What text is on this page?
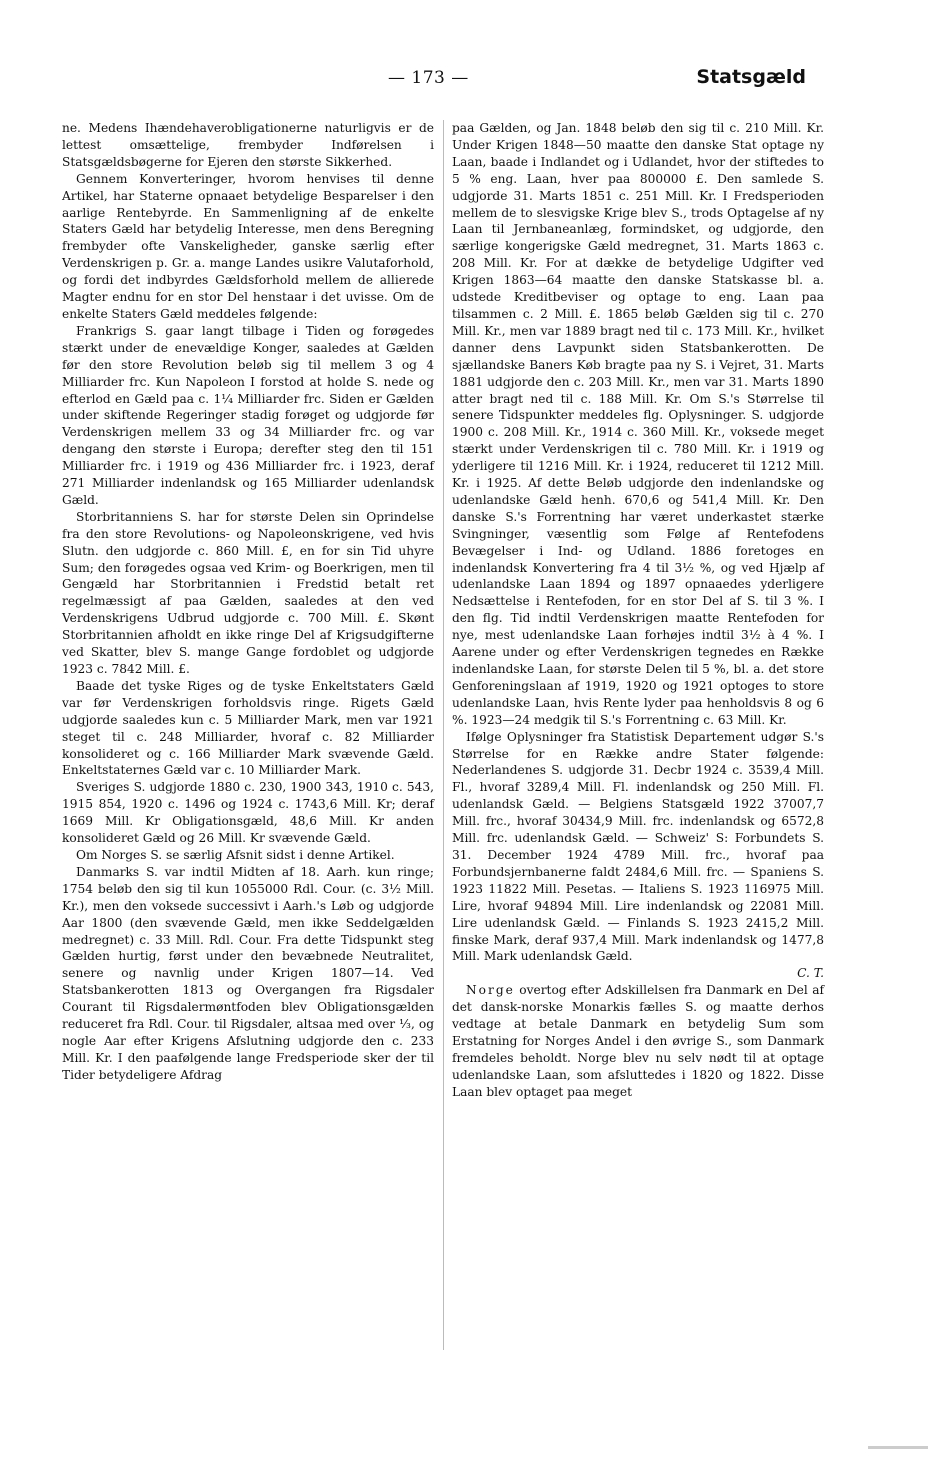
— 173 —	Statsgæld

ne. Medens Ihændehaverobligationerne naturligvis er de lettest omsættelige, frembyder Indførelsen i Statsgældsbøgerne for Ejeren den største Sikkerhed.

Gennem Konverteringer, hvorom henvises til denne Artikel, har Staterne opnaaet betydelige Besparelser i den aarlige Rentebyrde. En Sammenligning af de enkelte Staters Gæld har betydelig Interesse, men dens Beregning frembyder ofte Vanskeligheder, ganske særlig efter Verdenskrigen p. Gr. a. mange Landes usikre Valutaforhold, og fordi det indbyrdes Gældsforhold mellem de allierede Magter endnu for en stor Del henstaar i det uvisse. Om de enkelte Staters Gæld meddeles følgende:

Frankrigs S. gaar langt tilbage i Tiden og forøgedes stærkt under de enevældige Konger, saaledes at Gælden før den store Revolution beløb sig til mellem 3 og 4 Milliarder frc. Kun Napoleon I forstod at holde S. nede og efterlod en Gæld paa c. 1¼ Milliarder frc. Siden er Gælden under skiftende Regeringer stadig forøget og udgjorde før Verdenskrigen mellem 33 og 34 Milliarder frc. og var dengang den største i Europa; derefter steg den til 151 Milliarder frc. i 1919 og 436 Milliarder frc. i 1923, deraf 271 Milliarder indenlandsk og 165 Milliarder udenlandsk Gæld.

Storbritanniens S. har for største Delen sin Oprindelse fra den store Revolutions- og Napoleonskrigene, ved hvis Slutn. den udgjorde c. 860 Mill. £, en for sin Tid uhyre Sum; den forøgedes ogsaa ved Krim- og Boerkrigen, men til Gengæld har Storbritannien i Fredstid betalt ret regelmæssigt af paa Gælden, saaledes at den ved Verdenskrigens Udbrud udgjorde c. 700 Mill. £. Skønt Storbritannien afholdt en ikke ringe Del af Krigsudgifterne ved Skatter, blev S. mange Gange fordoblet og udgjorde 1923 c. 7842 Mill. £.

Baade det tyske Riges og de tyske Enkeltstaters Gæld var før Verdenskrigen forholdsvis ringe. Rigets Gæld udgjorde saaledes kun c. 5 Milliarder Mark, men var 1921 steget til c. 248 Milliarder, hvoraf c. 82 Milliarder konsolideret og c. 166 Milliarder Mark svævende Gæld. Enkeltstaternes Gæld var c. 10 Milliarder Mark.

Sveriges S. udgjorde 1880 c. 230, 1900 343, 1910 c. 543, 1915 854, 1920 c. 1496 og 1924 c. 1743,6 Mill. Kr; deraf 1669 Mill. Kr Obligationsgæld, 48,6 Mill. Kr anden konsolideret Gæld og 26 Mill. Kr svævende Gæld.

Om Norges S. se særlig Afsnit sidst i denne Artikel.

Danmarks S. var indtil Midten af 18. Aarh. kun ringe; 1754 beløb den sig til kun 1055000 Rdl. Cour. (c. 3½ Mill. Kr.), men den voksede successivt i Aarh.'s Løb og udgjorde Aar 1800 (den svævende Gæld, men ikke Seddelgælden medregnet) c. 33 Mill. Rdl. Cour. Fra dette Tidspunkt steg Gælden hurtig, først under den bevæbnede Neutralitet, senere og navnlig under Krigen 1807—14. Ved Statsbankerotten 1813 og Overgangen fra Rigsdaler Courant til Rigsdalermøntfoden blev Obligationsgælden reduceret fra Rdl. Cour. til Rigsdaler, altsaa med over ⅓, og nogle Aar efter Krigens Afslutning udgjorde den c. 233 Mill. Kr. I den paafølgende lange Fredsperiode sker der til Tider betydeligere Afdrag

paa Gælden, og Jan. 1848 beløb den sig til c. 210 Mill. Kr. Under Krigen 1848—50 maatte den danske Stat optage ny Laan, baade i Indlandet og i Udlandet, hvor der stiftedes to 5 % eng. Laan, hver paa 800000 £. Den samlede S. udgjorde 31. Marts 1851 c. 251 Mill. Kr. I Fredsperioden mellem de to slesvigske Krige blev S., trods Optagelse af ny Laan til Jernbaneanlæg, formindsket, og udgjorde, den særlige kongerigske Gæld medregnet, 31. Marts 1863 c. 208 Mill. Kr. For at dække de betydelige Udgifter ved Krigen 1863—64 maatte den danske Statskasse bl. a. udstede Kreditbeviser og optage to eng. Laan paa tilsammen c. 2 Mill. £. 1865 beløb Gælden sig til c. 270 Mill. Kr., men var 1889 bragt ned til c. 173 Mill. Kr., hvilket danner dens Lavpunkt siden Statsbankerotten. De sjællandske Baners Køb bragte paa ny S. i Vejret, 31. Marts 1881 udgjorde den c. 203 Mill. Kr., men var 31. Marts 1890 atter bragt ned til c. 188 Mill. Kr. Om S.'s Størrelse til senere Tidspunkter meddeles flg. Oplysninger. S. udgjorde 1900 c. 208 Mill. Kr., 1914 c. 360 Mill. Kr., voksede meget stærkt under Verdenskrigen til c. 780 Mill. Kr. i 1919 og yderligere til 1216 Mill. Kr. i 1924, reduceret til 1212 Mill. Kr. i 1925. Af dette Beløb udgjorde den indenlandske og udenlandske Gæld henh. 670,6 og 541,4 Mill. Kr. Den danske S.'s Forrentning har været underkastet stærke Svingninger, væsentlig som Følge af Rentefodens Bevægelser i Ind- og Udland. 1886 foretoges en indenlandsk Konvertering fra 4 til 3½ %, og ved Hjælp af udenlandske Laan 1894 og 1897 opnaaedes yderligere Nedsættelse i Rentefoden, for en stor Del af S. til 3 %. I den flg. Tid indtil Verdenskrigen maatte Rentefoden for nye, mest udenlandske Laan forhøjes indtil 3½ à 4 %. I Aarene under og efter Verdenskrigen tegnedes en Række indenlandske Laan, for største Delen til 5 %, bl. a. det store Genforeningslaan af 1919, 1920 og 1921 optoges to store udenlandske Laan, hvis Rente lyder paa henholdsvis 8 og 6 %. 1923—24 medgik til S.'s Forrentning c. 63 Mill. Kr.

Ifølge Oplysninger fra Statistisk Departement udgør S.'s Størrelse for en Række andre Stater følgende: Nederlandenes S. udgjorde 31. Decbr 1924 c. 3539,4 Mill. Fl., hvoraf 3289,4 Mill. Fl. indenlandsk og 250 Mill. Fl. udenlandsk Gæld. — Belgiens Statsgæld 1922 37007,7 Mill. frc., hvoraf 30434,9 Mill. frc. indenlandsk og 6572,8 Mill. frc. udenlandsk Gæld. — Schweiz' S: Forbundets S. 31. December 1924 4789 Mill. frc., hvoraf paa Forbundsjernbanerne faldt 2484,6 Mill. frc. — Spaniens S. 1923 11822 Mill. Pesetas. — Italiens S. 1923 116975 Mill. Lire, hvoraf 94894 Mill. Lire indenlandsk og 22081 Mill. Lire udenlandsk Gæld. — Finlands S. 1923 2415,2 Mill. finske Mark, deraf 937,4 Mill. Mark indenlandsk og 1477,8 Mill. Mark udenlandsk Gæld.

C. T.

Norge overtog efter Adskillelsen fra Danmark en Del af det dansk-norske Monarkis fælles S. og maatte derhos vedtage at betale Danmark en betydelig Sum som Erstatning for Norges Andel i den øvrige S., som Danmark fremdeles beholdt. Norge blev nu selv nødt til at optage udenlandske Laan, som afsluttedes i 1820 og 1822. Disse Laan blev optaget paa meget
